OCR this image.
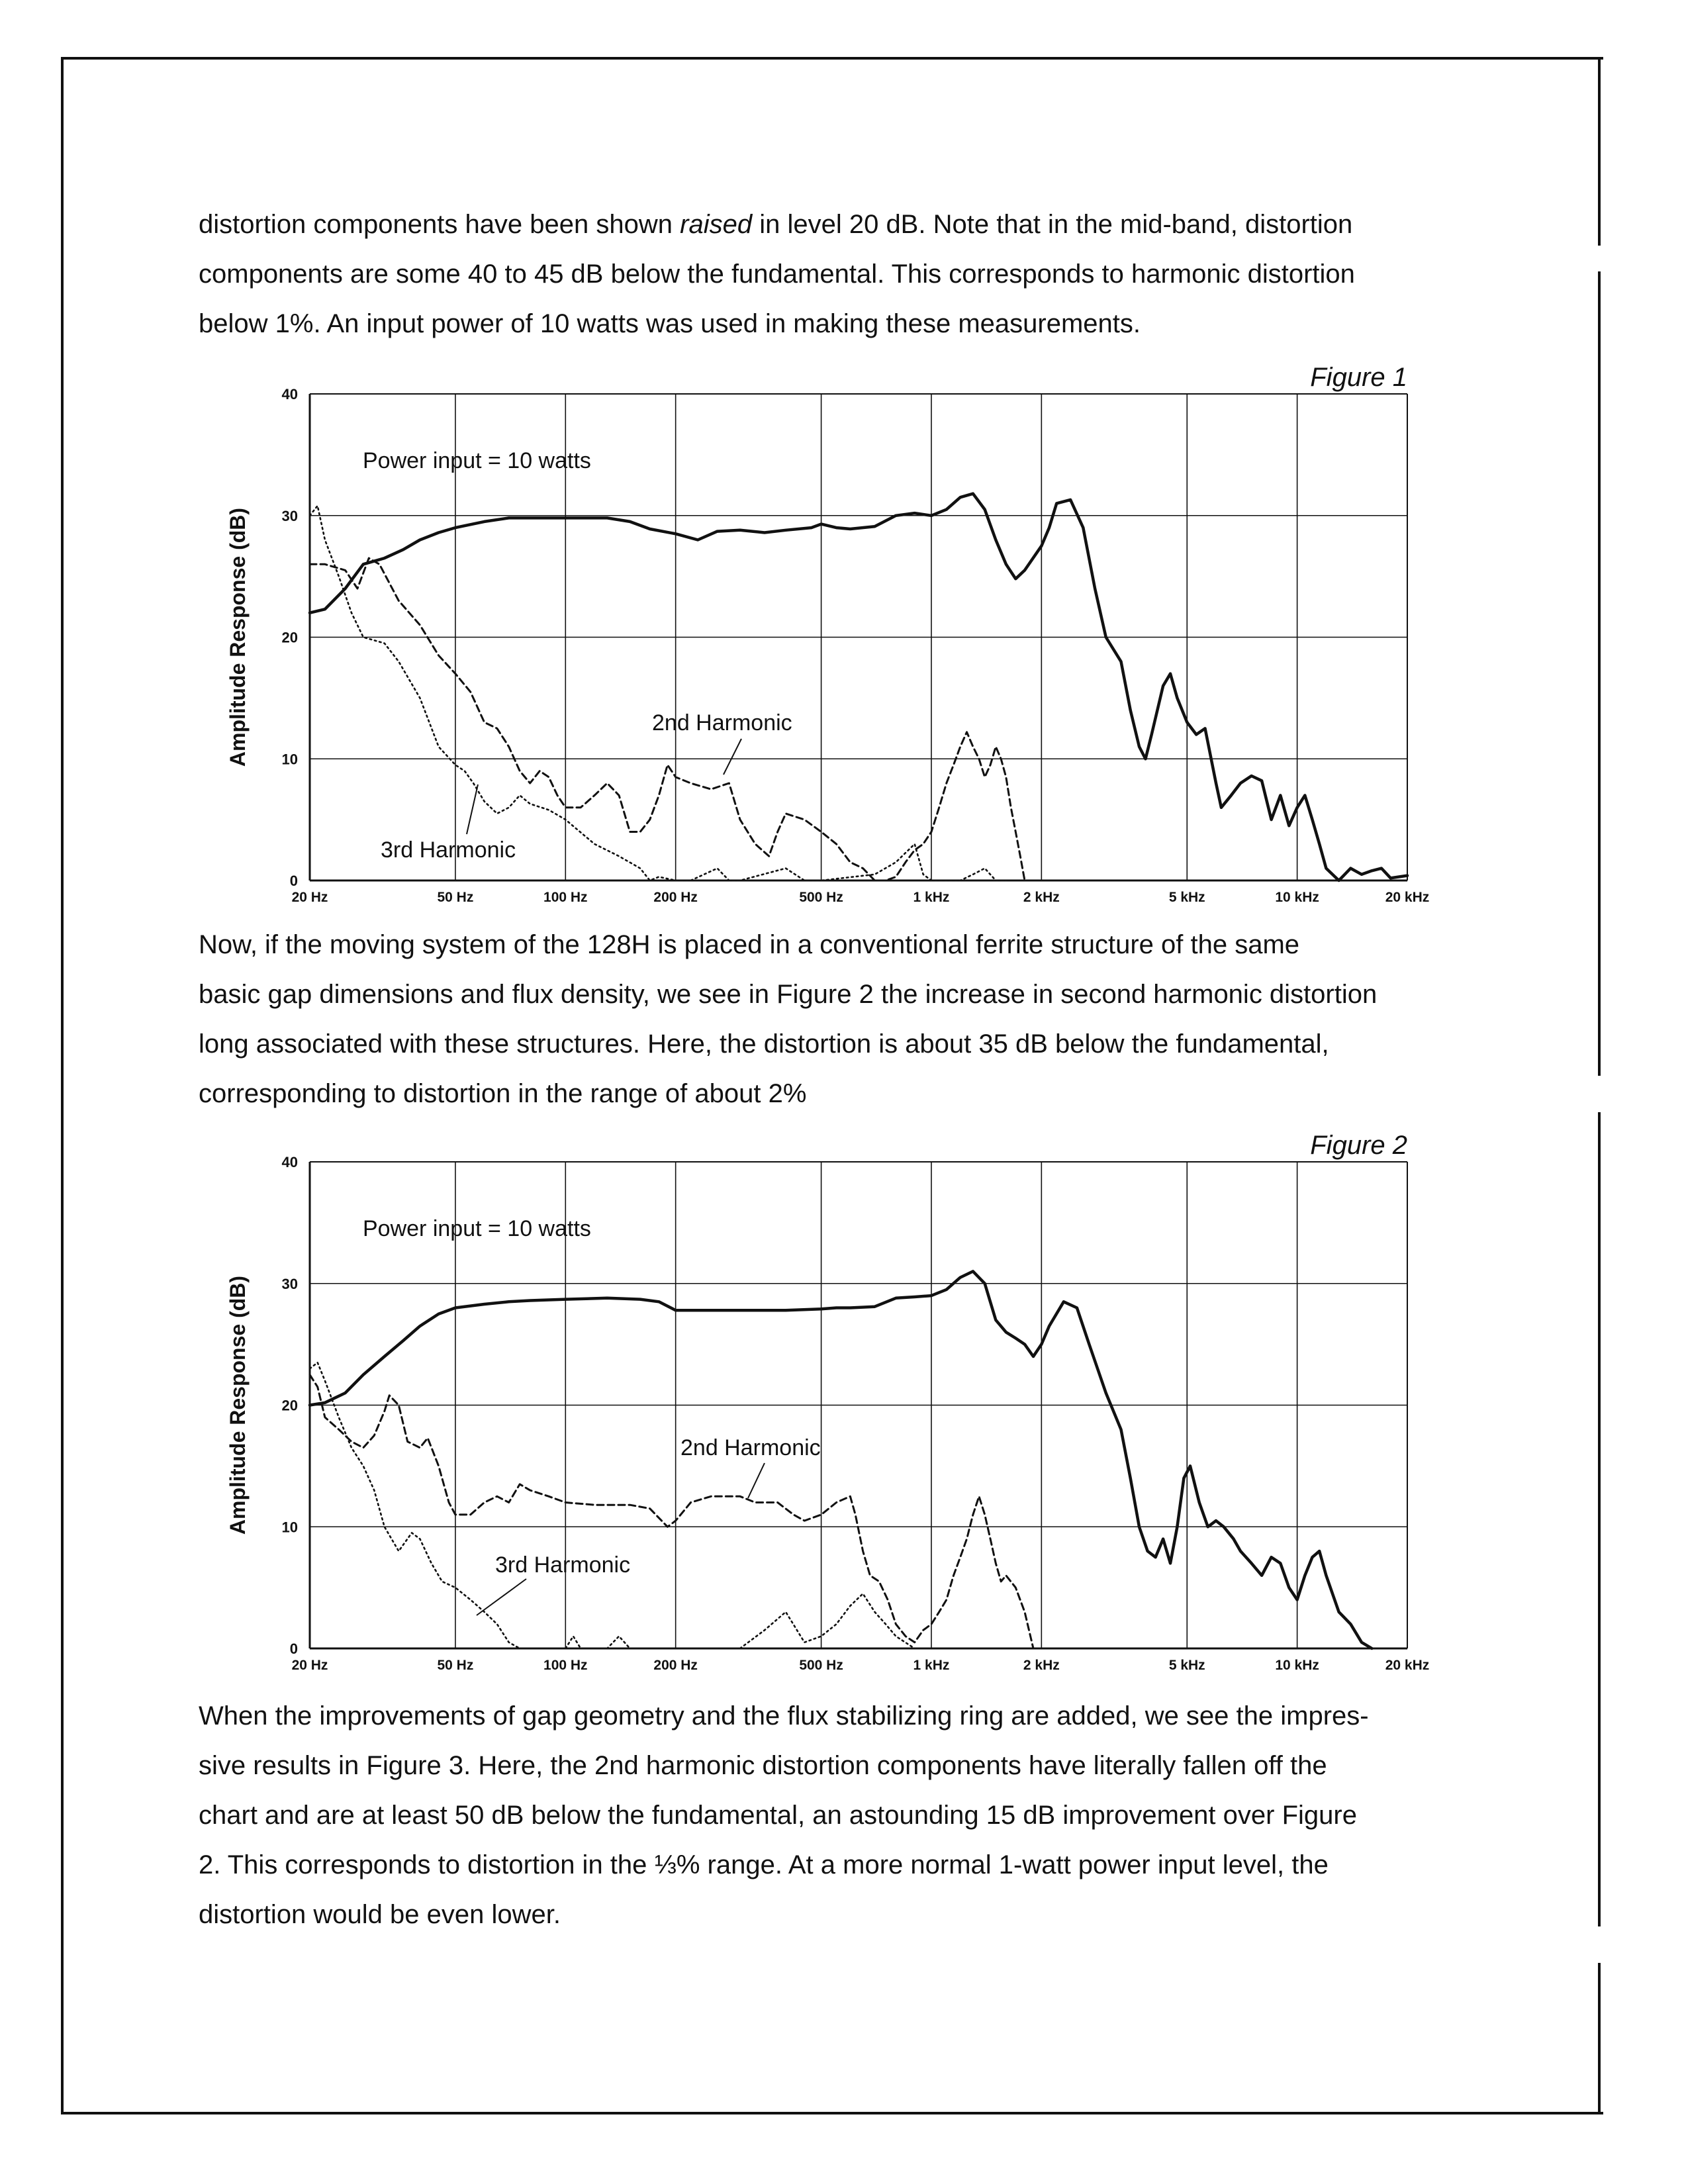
distortion components have been shown raised in level 20 dB. Note that in the mid-band, distortion
components are some 40 to 45 dB below the fundamental. This corresponds to harmonic distortion
below 1%. An input power of 10 watts was used in making these measurements.
0
10
20
30
40
20 Hz	50 Hz	100 Hz	200 Hz	500 Hz	1 kHz	2 kHz	5 kHz	10 kHz	20 kHz
Amplitude Response (dB)
Figure 1
Power input = 10 watts
2nd Harmonic
3rd Harmonic
Now, if the moving system of the 128H is placed in a conventional ferrite structure of the same
basic gap dimensions and flux density, we see in Figure 2 the increase in second harmonic distortion
long associated with these structures. Here, the distortion is about 35 dB below the fundamental,
corresponding to distortion in the range of about 2%
0
10
20
30
40
20 Hz	50 Hz	100 Hz	200 Hz	500 Hz	1 kHz	2 kHz	5 kHz	10 kHz	20 kHz
Amplitude Response (dB)
Figure 2
Power input = 10 watts
2nd Harmonic
3rd Harmonic
When the improvements of gap geometry and the flux stabilizing ring are added, we see the impres-
sive results in Figure 3. Here, the 2nd harmonic distortion components have literally fallen off the
chart and are at least 50 dB below the fundamental, an astounding 15 dB improvement over Figure
2. This corresponds to distortion in the ⅓% range. At a more normal 1-watt power input level, the
distortion would be even lower.
